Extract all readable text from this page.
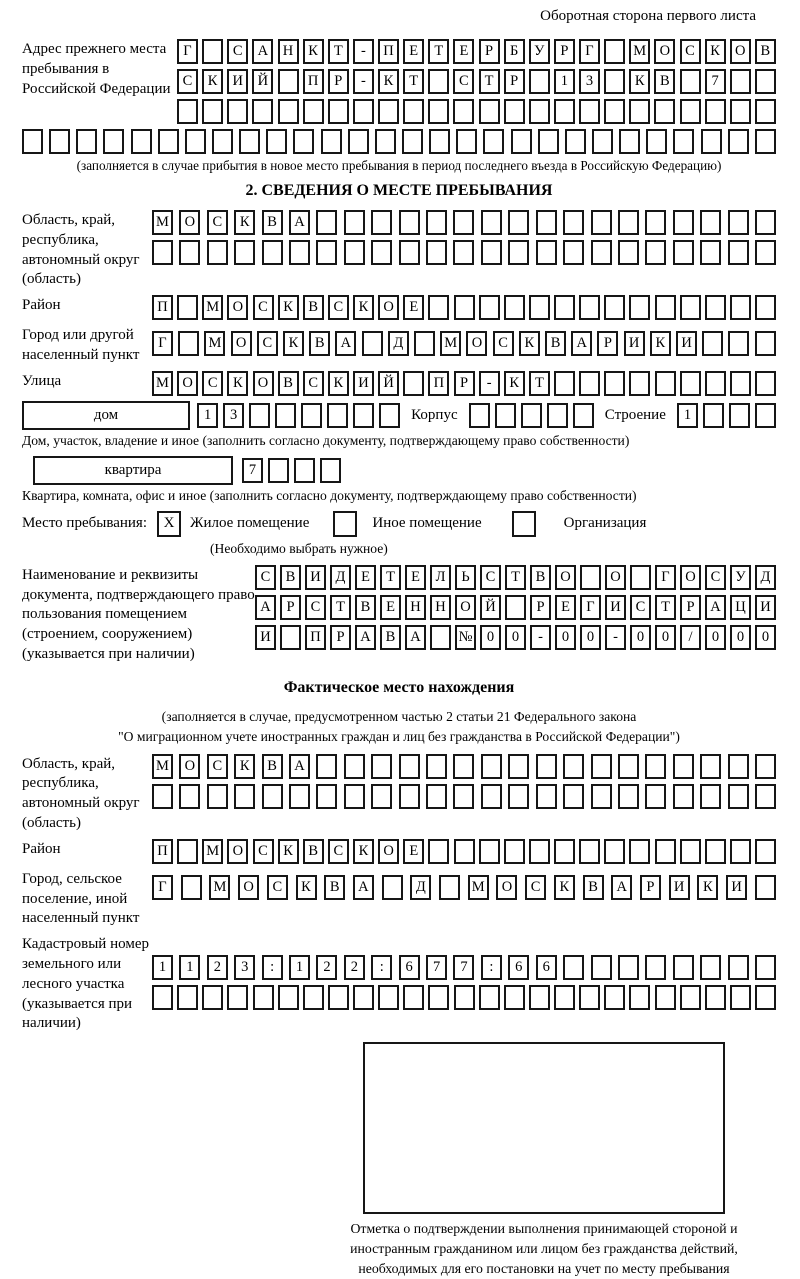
Оборотная сторона первого листа
Адрес прежнего места пребывания в Российской Федерации
Г	С	А	Н	К	Т	-	П	Е	Т	Е	Р	Б	У	Р	Г	М О	С	К	О	В
С	К	И	Й	П	Р	-	К	Т	С	Т	Р	1	3	К	В	7
(заполняется в случае прибытия в новое место пребывания в период последнего въезда в Российскую Федерацию)
2. СВЕДЕНИЯ О МЕСТЕ ПРЕБЫВАНИЯ
Область, край, республика, автономный округ (область)
М	О	С	К	В	А
Район	П	М О	С	К	В	С	К	О	Е
Город или другой населенный пункт
Г	М	О	С	К	В	А	Д	М	О	С	К	В	А	Р	И	К	И
Улица	М О	С	К	О	В	С	К	И	Й	П	Р	-	К	Т
дом	1	3	Корпус	Строение	1
Дом, участок, владение и иное (заполнить согласно документу, подтверждающему право собственности)
квартира	7
Квартира, комната, офис и иное (заполнить согласно документу, подтверждающему право собственности)
Место пребывания:	X	Жилое помещение	Иное помещение	Организация
(Необходимо выбрать нужное)
Наименование и реквизиты документа, подтверждающего право пользования помещением (строением, сооружением) (указывается при наличии)
С	В	И	Д	Е	Т	Е	Л	Ь	С	Т	В	О	О	Г	О	С	У	Д
А	Р	С	Т	В	Е	Н	Н	О	Й	Р	Е	Г	И	С	Т	Р	А	Ц	И
И	П	Р	А	В	А	№ 0	0	-	0	0	-	0	0	/	0	0	0
Фактическое место нахождения
(заполняется в случае, предусмотренном частью 2 статьи 21 Федерального закона
"О миграционном учете иностранных граждан и лиц без гражданства в Российской Федерации")
Область, край, республика, автономный округ (область)
М	О	С	К	В	А
Район	П	М О	С	К	В	С	К	О	Е
Город, сельское поселение, иной населенный пункт
Г	М	О	С	К	В	А	Д	М	О	С	К	В	А	Р	И	К	И
Кадастровый номер земельного или лесного участка (указывается при наличии)
1	1	2	3	:	1	2	2	:	6	7	7	:	6	6
Отметка о подтверждении выполнения принимающей стороной и иностранным гражданином или лицом без гражданства действий, необходимых для его постановки на учет по месту пребывания
